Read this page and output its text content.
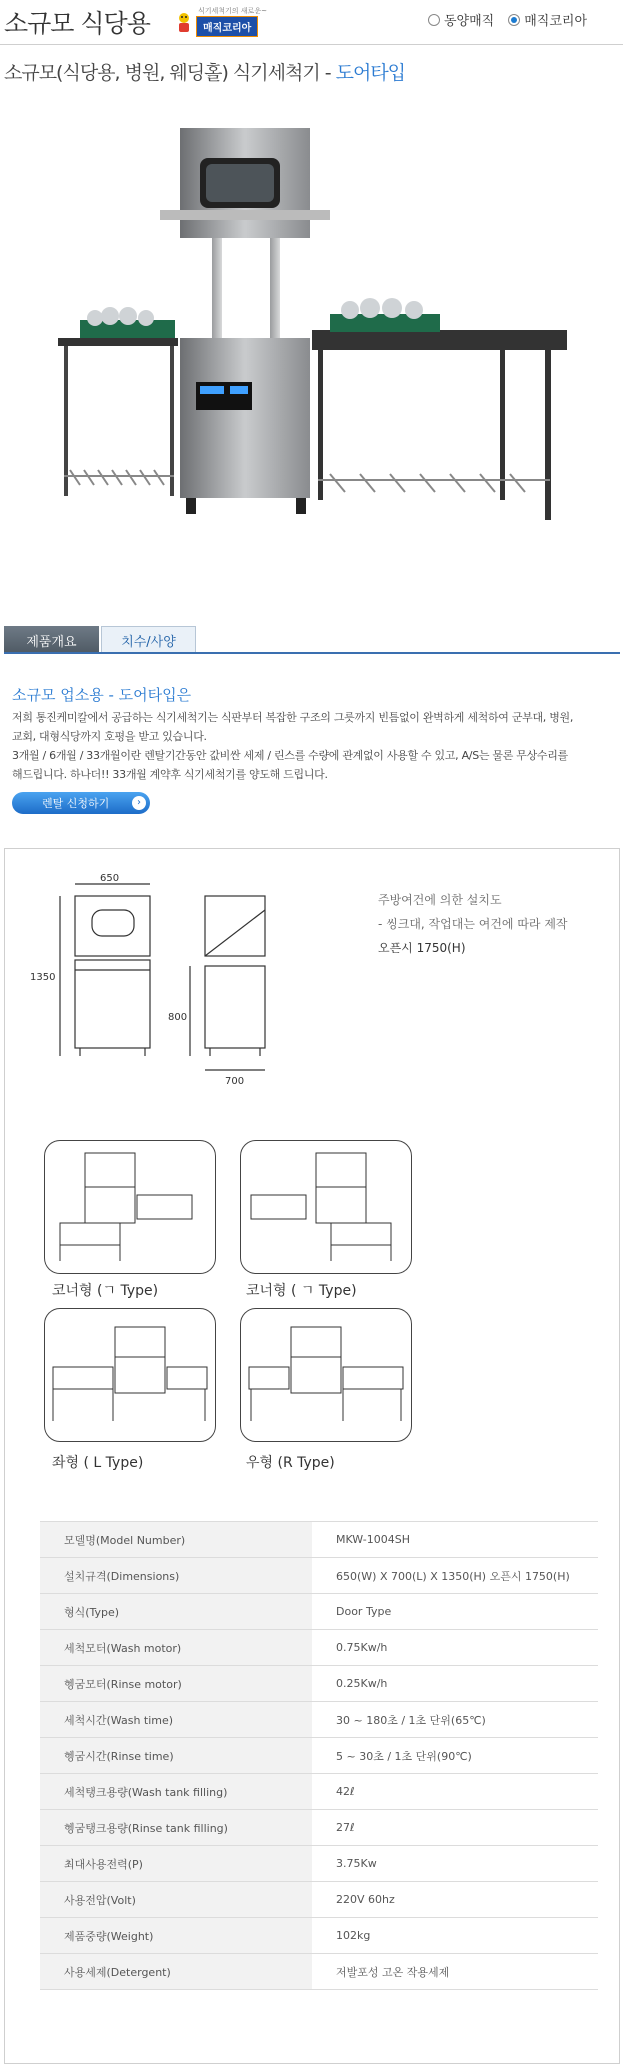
소규모 식당용	식기세척기의 새로운~
매직코리아	동양매직 매직코리아
소규모(식당용, 병원, 웨딩홀) 식기세척기 - 도어타입
제품개요	치수/사양
소규모 업소용 - 도어타입은
저희 통진케미칼에서 공급하는 식기세척기는 식판부터 복잡한 구조의 그릇까지 빈틈없이 완벽하게 세척하여 군부대, 병원,
교회, 대형식당까지 호평을 받고 있습니다.
3개월 / 6개월 / 33개월이란 렌탈기간동안 값비싼 세제 / 린스를 수량에 관계없이 사용할 수 있고, A/S는 물론 무상수리를
해드립니다. 하나더!! 33개월 계약후 식기세척기를 양도해 드립니다.
렌탈 신청하기	›
650
1350
800
700
주방여건에 의한 설치도
- 씽크대, 작업대는 여건에 따라 제작
오픈시 1750(H)
코너형 (ㄱ Type)	코너형 ( ㄱ Type)
좌형 ( L Type)	우형 (R Type)
모델명(Model Number)	MKW-1004SH
설치규격(Dimensions)	650(W) X 700(L) X 1350(H) 오픈시 1750(H)
형식(Type)	Door Type
세척모터(Wash motor)	0.75Kw/h
헹굼모터(Rinse motor)	0.25Kw/h
세척시간(Wash time)	30 ~ 180초 / 1초 단위(65℃)
헹굼시간(Rinse time)	5 ~ 30초 / 1초 단위(90℃)
세척탱크용량(Wash tank filling)	42ℓ
헹굼탱크용량(Rinse tank filling)	27ℓ
최대사용전력(P)	3.75Kw
사용전압(Volt)	220V 60hz
제품중량(Weight)	102kg
사용세제(Detergent)	저발포성 고온 작용세제
